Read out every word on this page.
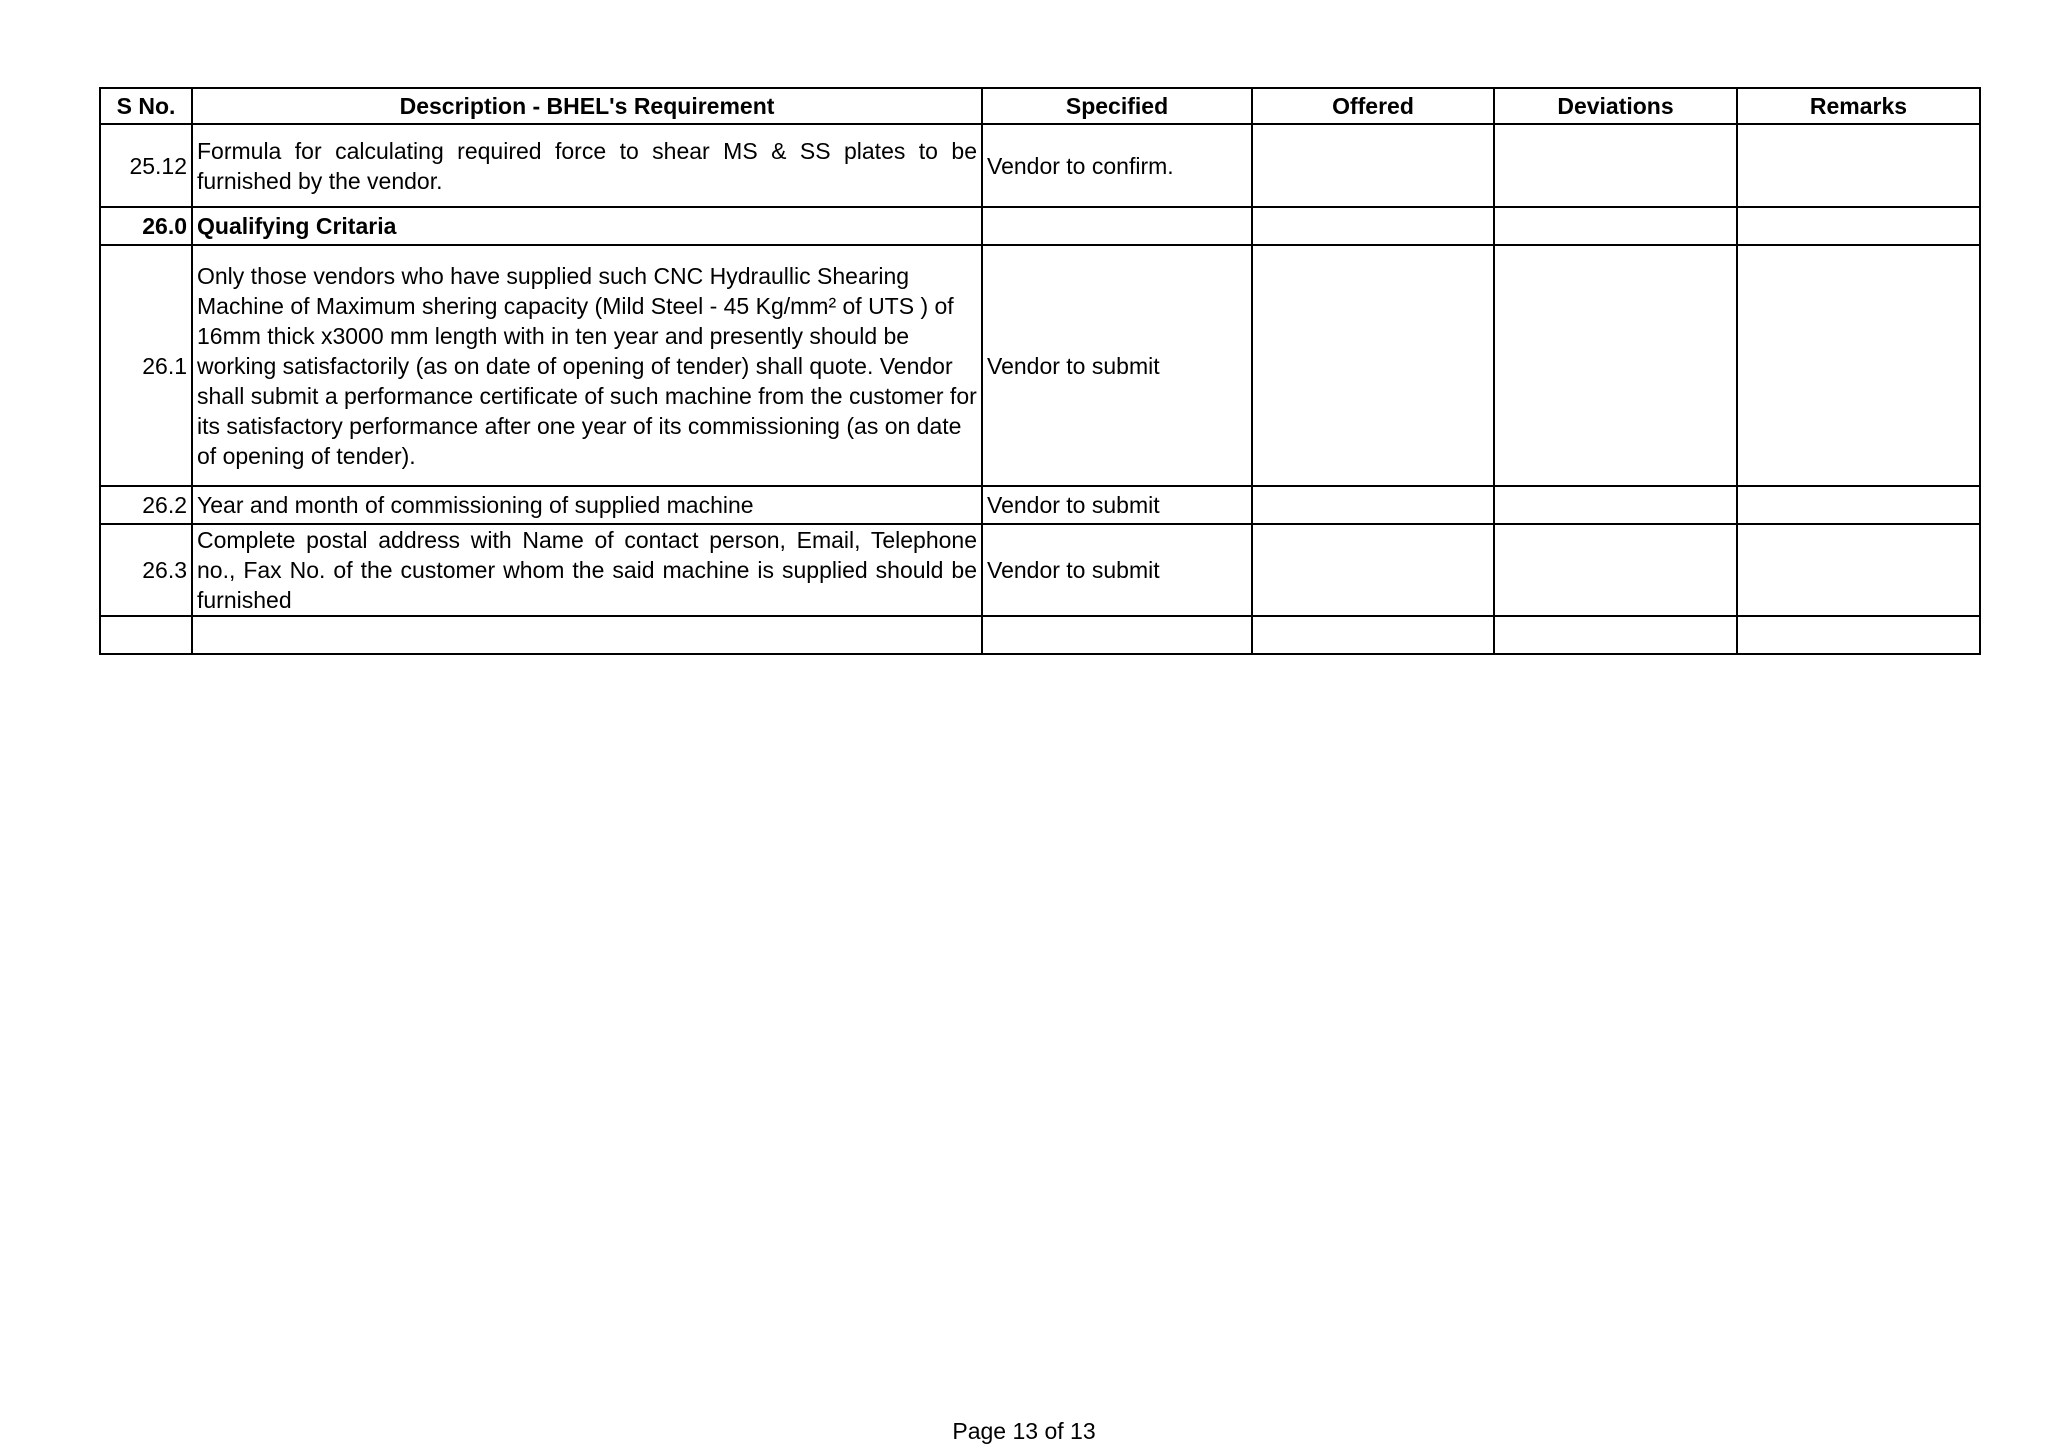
S No.	Description - BHEL's Requirement	Specified	Offered	Deviations	Remarks
25.12	Formula for calculating required force to shear MS & SS plates to be furnished by the vendor.	Vendor to confirm.			
26.0	Qualifying Critaria				
26.1	Only those vendors who have supplied such CNC Hydraullic Shearing Machine of Maximum shering capacity (Mild Steel - 45 Kg/mm² of UTS ) of 16mm thick x3000 mm length with in ten year and presently should be working satisfactorily (as on date of opening of tender) shall quote. Vendor shall submit a performance certificate of such machine from the customer for its satisfactory performance after one year of its commissioning (as on date of opening of tender).	Vendor to submit			
26.2	Year and month of commissioning of supplied machine	Vendor to submit			
26.3	Complete postal address with Name of contact person, Email, Telephone no., Fax No. of the customer whom the said machine is supplied should be furnished	Vendor to submit			

Page 13 of 13
